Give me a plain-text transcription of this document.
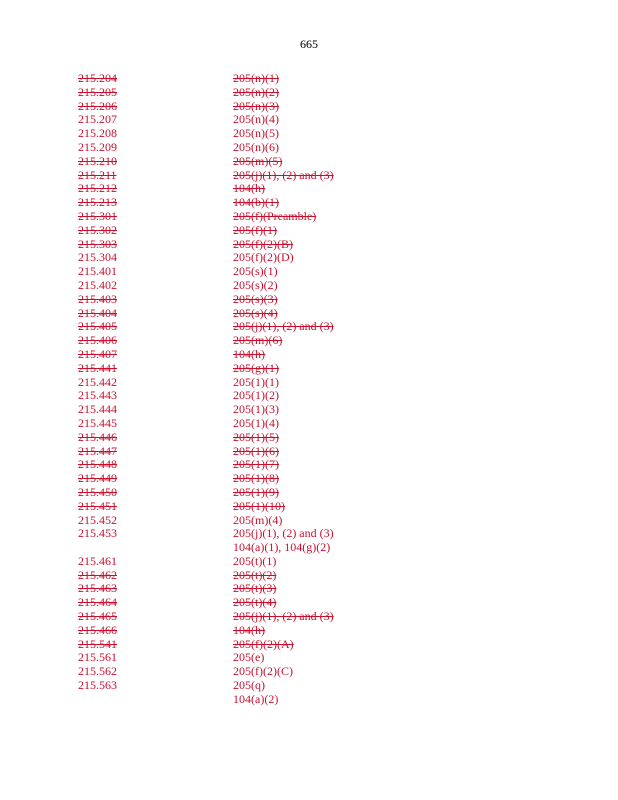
665
215.204	205(n)(1)
215.205	205(n)(2)
215.206	205(n)(3)
215.207	205(n)(4)
215.208	205(n)(5)
215.209	205(n)(6)
215.210	205(m)(5)
215.211	205(j)(1), (2) and (3)
215.212	104(h)
215.213	104(b)(1)
215.301	205(f)(Preamble)
215.302	205(f)(1)
215.303	205(f)(2)(B)
215.304	205(f)(2)(D)
215.401	205(s)(1)
215.402	205(s)(2)
215.403	205(s)(3)
215.404	205(s)(4)
215.405	205(j)(1), (2) and (3)
215.406	205(m)(6)
215.407	104(h)
215.441	205(g)(1)
215.442	205(1)(1)
215.443	205(1)(2)
215.444	205(1)(3)
215.445	205(1)(4)
215.446	205(1)(5)
215.447	205(1)(6)
215.448	205(1)(7)
215.449	205(1)(8)
215.450	205(1)(9)
215.451	205(1)(10)
215.452	205(m)(4)
215.453	205(j)(1), (2) and (3)
104(a)(1), 104(g)(2)
215.461	205(t)(1)
215.462	205(t)(2)
215.463	205(t)(3)
215.464	205(t)(4)
215.465	205(j)(1), (2) and (3)
215.466	104(h)
215.541	205(f)(2)(A)
215.561	205(e)
215.562	205(f)(2)(C)
215.563	205(q)
104(a)(2)
